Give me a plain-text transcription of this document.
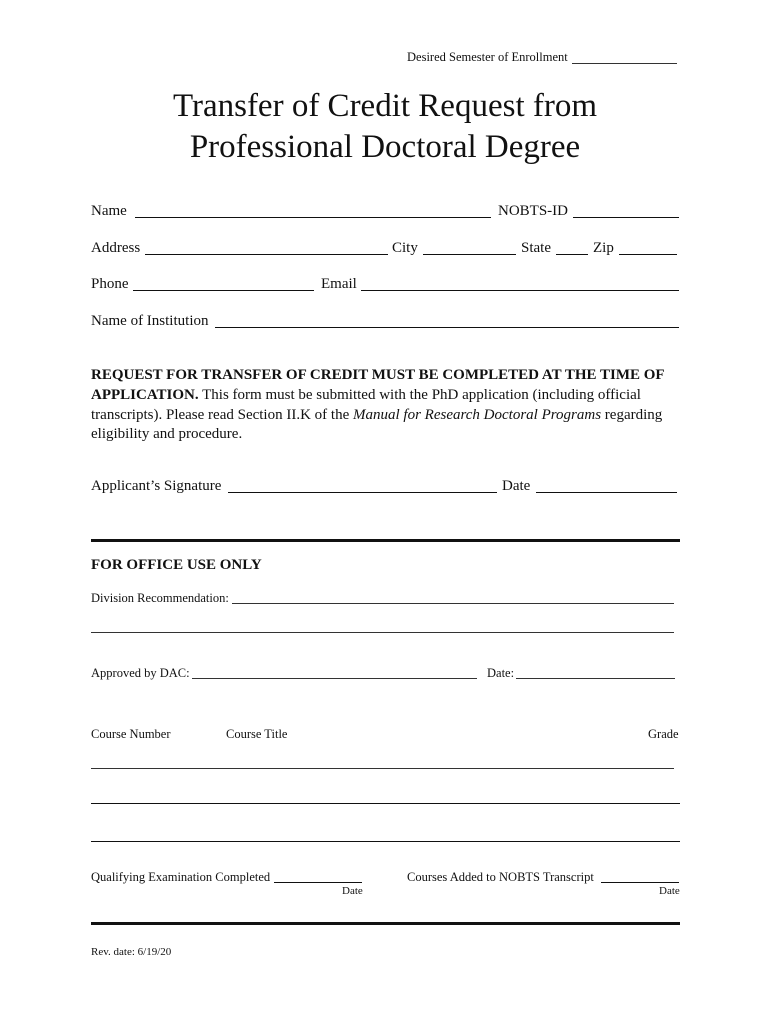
Desired Semester of Enrollment
Transfer of Credit Request from
Professional Doctoral Degree
Name	NOBTS-ID
Address	City	State	Zip
Phone	Email
Name of Institution
REQUEST FOR TRANSFER OF CREDIT MUST BE COMPLETED AT THE TIME OF
APPLICATION. This form must be submitted with the PhD application (including official transcripts). Please read Section II.K of the Manual for Research Doctoral Programs regarding eligibility and procedure.
Applicant’s Signature	Date
FOR OFFICE USE ONLY
Division Recommendation:
Approved by DAC:	Date:
Course Number	Course Title	Grade
Qualifying Examination Completed
Date
Courses Added to NOBTS Transcript
Date
Rev. date: 6/19/20
